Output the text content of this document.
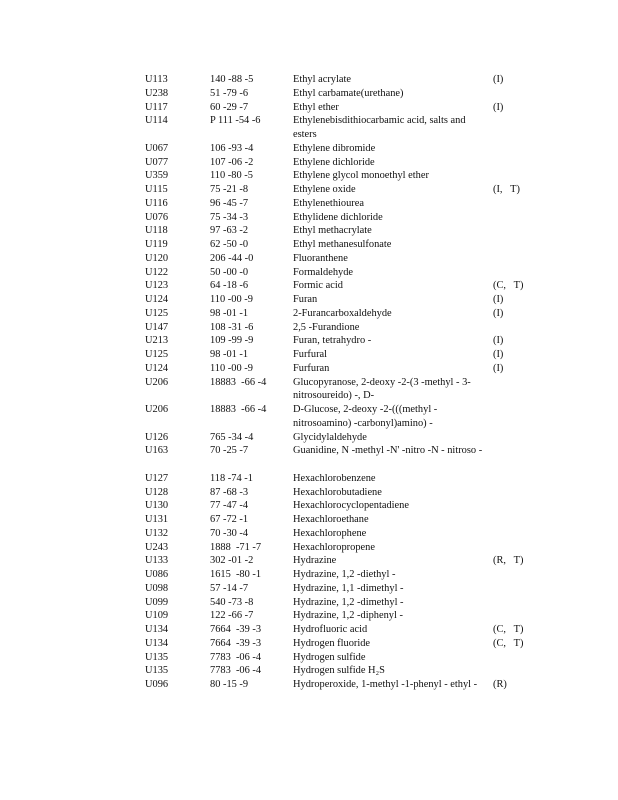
U113	140 -88 -5	Ethyl acrylate	(I)
U238	51 -79 -6	Ethyl carbamate(urethane)
U117	60 -29 -7	Ethyl ether	(I)
U114	P 111 -54 -6	Ethylenebisdithiocarbamic acid, salts and esters
U067	106 -93 -4	Ethylene dibromide
U077	107 -06 -2	Ethylene dichloride
U359	110 -80 -5	Ethylene glycol monoethyl ether
U115	75 -21 -8	Ethylene oxide	(I,   T)
U116	96 -45 -7	Ethylenethiourea
U076	75 -34 -3	Ethylidene dichloride
U118	97 -63 -2	Ethyl methacrylate
U119	62 -50 -0	Ethyl methanesulfonate
U120	206 -44 -0	Fluoranthene
U122	50 -00 -0	Formaldehyde
U123	64 -18 -6	Formic acid	(C,   T)
U124	110 -00 -9	Furan	(I)
U125	98 -01 -1	2-Furancarboxaldehyde	(I)
U147	108 -31 -6	2,5 -Furandione
U213	109 -99 -9	Furan, tetrahydro -	(I)
U125	98 -01 -1	Furfural	(I)
U124	110 -00 -9	Furfuran	(I)
U206	18883  -66 -4	Glucopyranose, 2-deoxy -2-(3 -methyl - 3-nitrosoureido) -, D-
U206	18883  -66 -4	D-Glucose, 2-deoxy -2-(((methyl - nitrosoamino) -carbonyl)amino) -
U126	765 -34 -4	Glycidylaldehyde
U163	70 -25 -7	Guanidine, N -methyl -N' -nitro -N - nitroso -
U127	118 -74 -1	Hexachlorobenzene
U128	87 -68 -3	Hexachlorobutadiene
U130	77 -47 -4	Hexachlorocyclopentadiene
U131	67 -72 -1	Hexachloroethane
U132	70 -30 -4	Hexachlorophene
U243	1888  -71 -7	Hexachloropropene
U133	302 -01 -2	Hydrazine	(R,   T)
U086	1615  -80 -1	Hydrazine, 1,2 -diethyl -
U098	57 -14 -7	Hydrazine, 1,1 -dimethyl -
U099	540 -73 -8	Hydrazine, 1,2 -dimethyl -
U109	122 -66 -7	Hydrazine, 1,2 -diphenyl -
U134	7664  -39 -3	Hydrofluoric acid	(C,   T)
U134	7664  -39 -3	Hydrogen fluoride	(C,   T)
U135	7783  -06 -4	Hydrogen sulfide
U135	7783  -06 -4	Hydrogen sulfide H₂S
U096	80 -15 -9	Hydroperoxide, 1-methyl -1-phenyl - ethyl -	(R)
